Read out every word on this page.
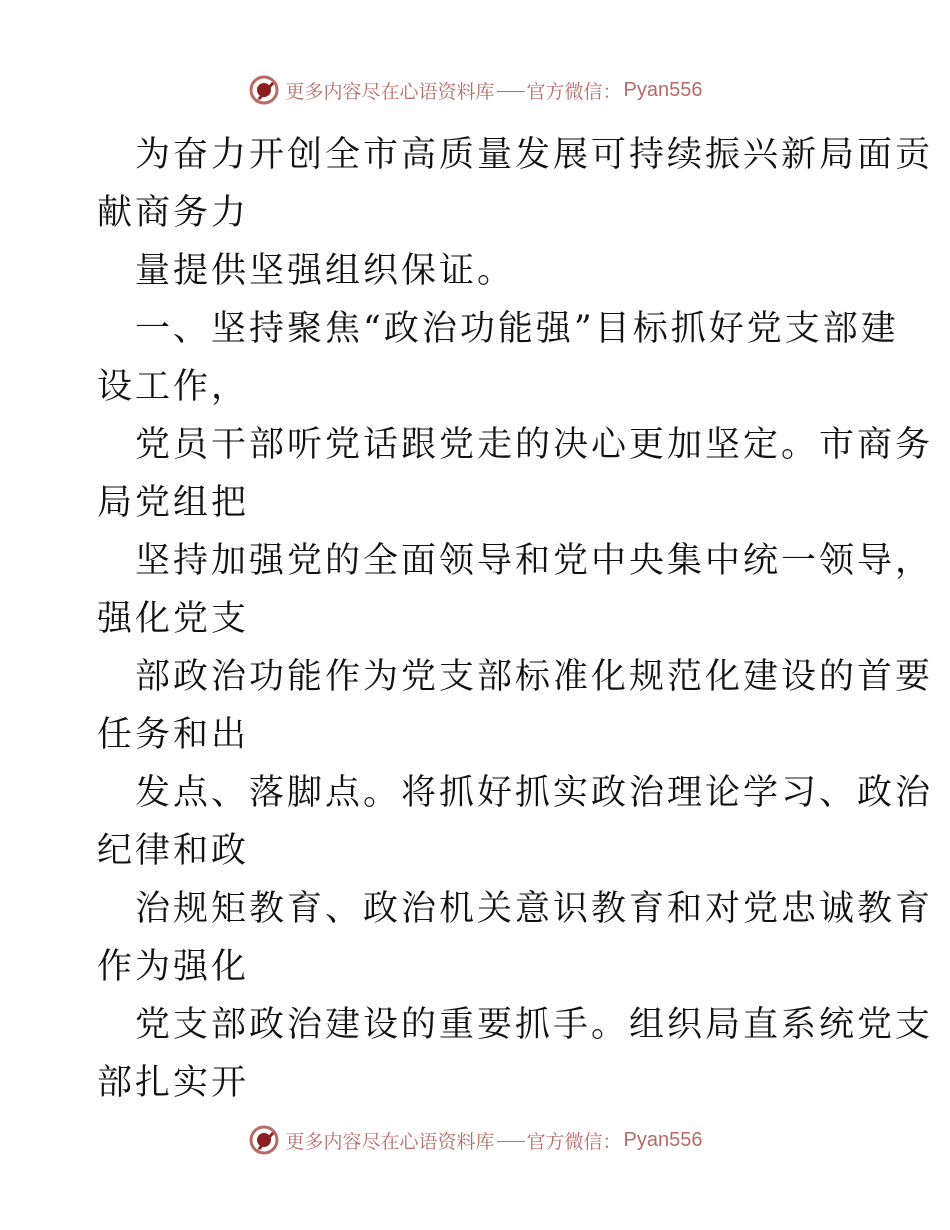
更多内容尽在心语资料库 官方微信： Pyan556
为奋力开创全市高质量发展可持续振兴新局面贡
献商务力
量提供坚强组织保证。
一、坚持聚焦“政治功能强”目标抓好党支部建
设工作，
党员干部听党话跟党走的决心更加坚定。市商务
局党组把
坚持加强党的全面领导和党中央集中统一领导，
强化党支
部政治功能作为党支部标准化规范化建设的首要
任务和出
发点、落脚点。将抓好抓实政治理论学习、政治
纪律和政
治规矩教育、政治机关意识教育和对党忠诚教育
作为强化
党支部政治建设的重要抓手。组织局直系统党支
部扎实开
更多内容尽在心语资料库 官方微信： Pyan556
